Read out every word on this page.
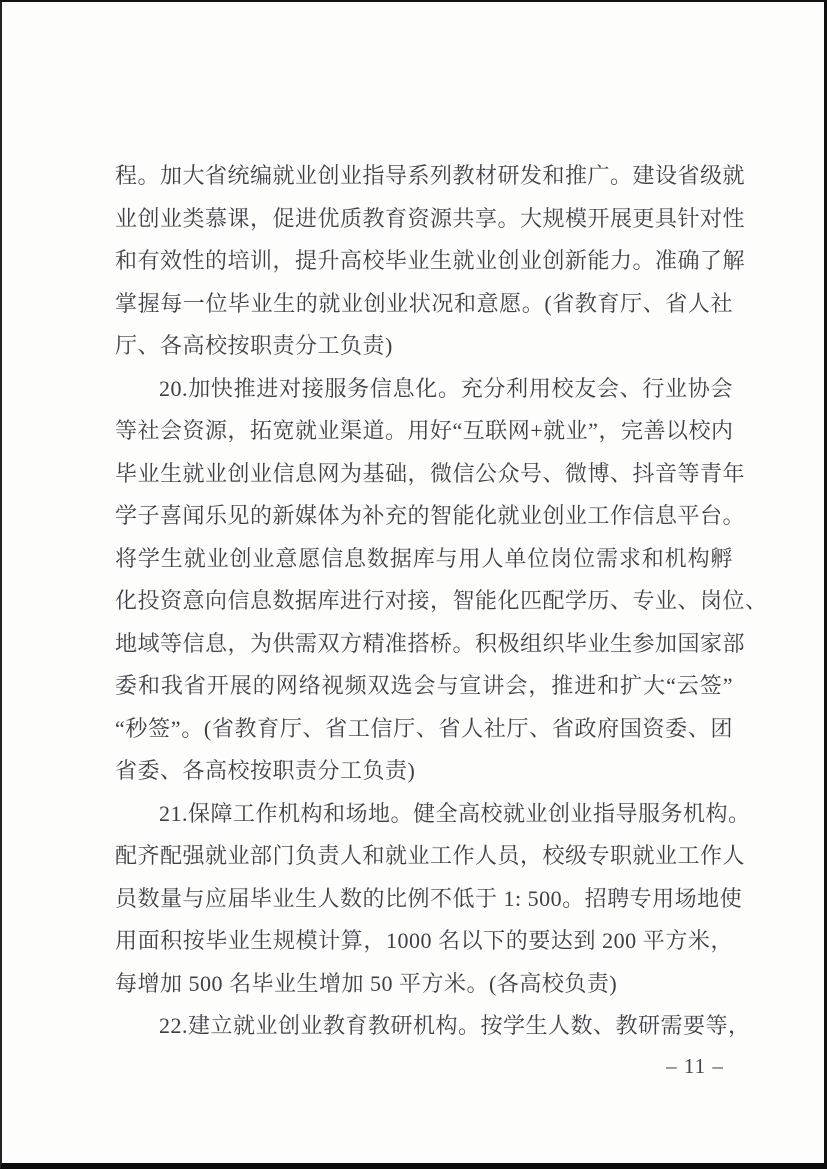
程。加大省统编就业创业指导系列教材研发和推广。建设省级就
业创业类慕课，促进优质教育资源共享。大规模开展更具针对性
和有效性的培训，提升高校毕业生就业创业创新能力。准确了解
掌握每一位毕业生的就业创业状况和意愿。(省教育厅、省人社
厅、各高校按职责分工负责)
20.加快推进对接服务信息化。充分利用校友会、行业协会
等社会资源，拓宽就业渠道。用好“互联网+就业”，完善以校内
毕业生就业创业信息网为基础，微信公众号、微博、抖音等青年
学子喜闻乐见的新媒体为补充的智能化就业创业工作信息平台。
将学生就业创业意愿信息数据库与用人单位岗位需求和机构孵
化投资意向信息数据库进行对接，智能化匹配学历、专业、岗位、
地域等信息，为供需双方精准搭桥。积极组织毕业生参加国家部
委和我省开展的网络视频双选会与宣讲会，推进和扩大“云签”
“秒签”。(省教育厅、省工信厅、省人社厅、省政府国资委、团
省委、各高校按职责分工负责)
21.保障工作机构和场地。健全高校就业创业指导服务机构。
配齐配强就业部门负责人和就业工作人员，校级专职就业工作人
员数量与应届毕业生人数的比例不低于 1: 500。招聘专用场地使
用面积按毕业生规模计算，1000 名以下的要达到 200 平方米，
每增加 500 名毕业生增加 50 平方米。(各高校负责)
22.建立就业创业教育教研机构。按学生人数、教研需要等，
– 11 –
